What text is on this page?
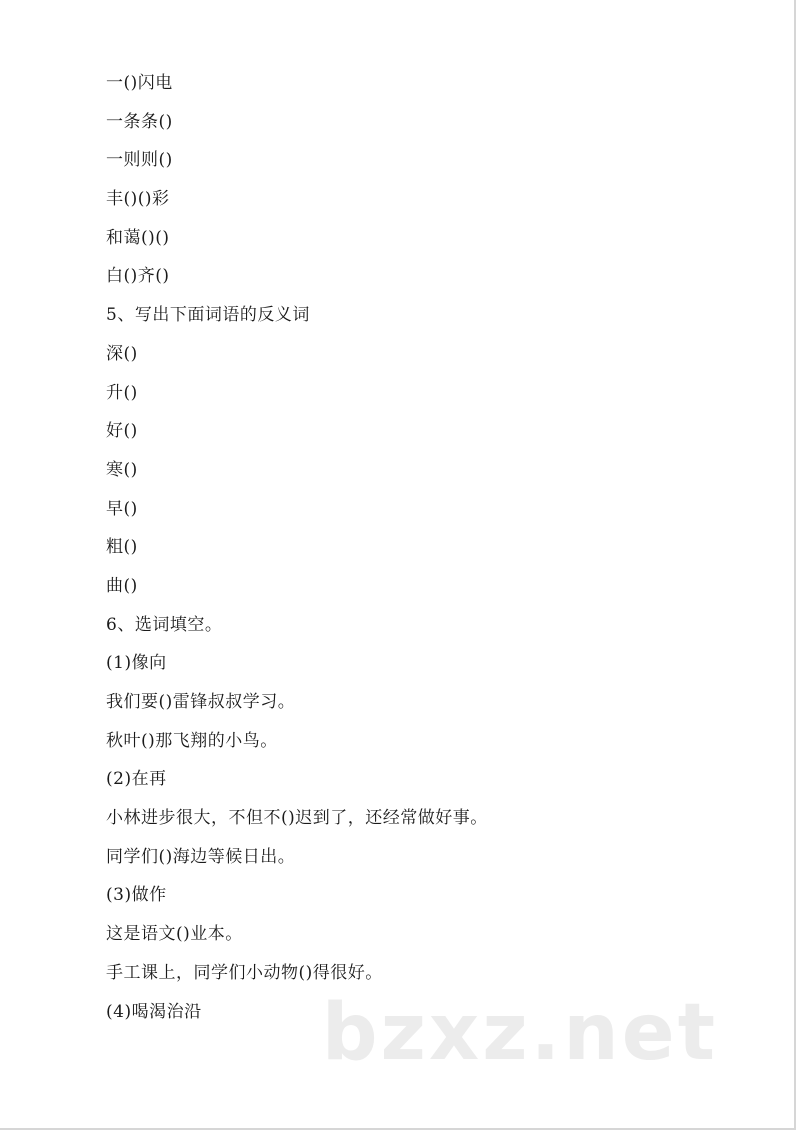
一()闪电
一条条()
一则则()
丰()()彩
和蔼()()
白()齐()
5、写出下面词语的反义词
深()
升()
好()
寒()
早()
粗()
曲()
6、选词填空。
(1)像向
我们要()雷锋叔叔学习。
秋叶()那飞翔的小鸟。
(2)在再
小林进步很大，不但不()迟到了，还经常做好事。
同学们()海边等候日出。
(3)做作
这是语文()业本。
手工课上，同学们小动物()得很好。
(4)喝渴治沿	bzxz.net
